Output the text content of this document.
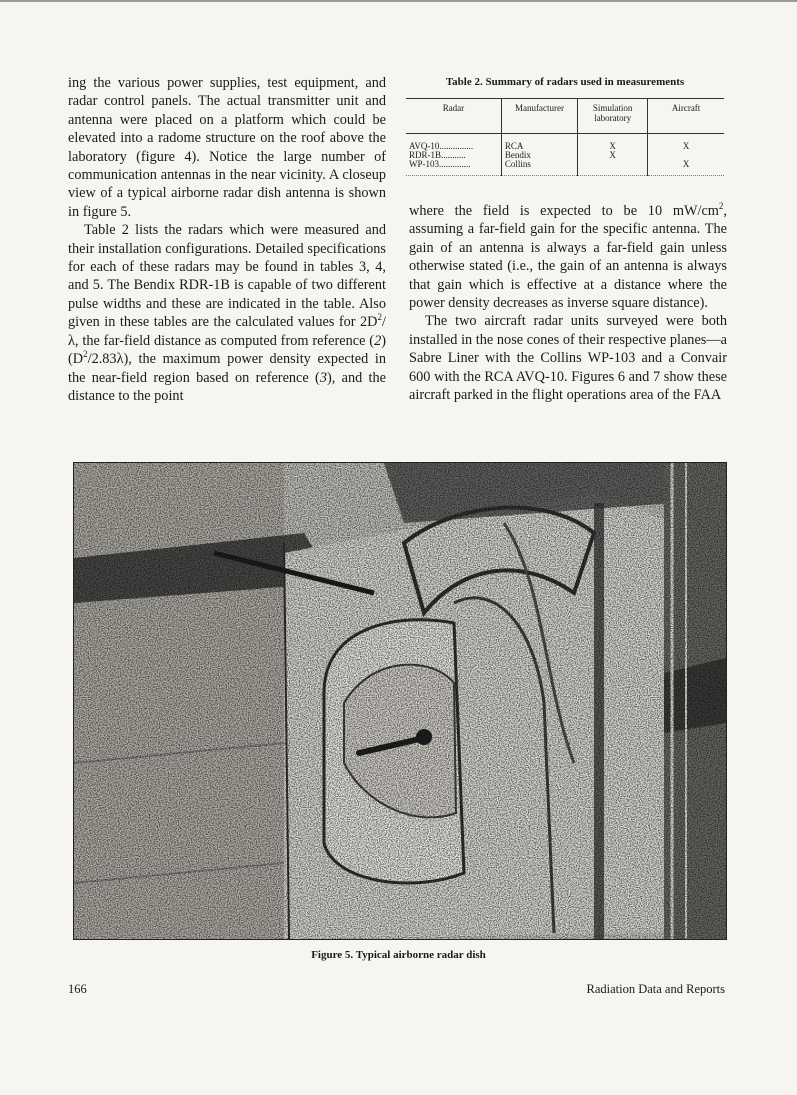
ing the various power supplies, test equipment, and radar control panels. The actual transmitter unit and antenna were placed on a platform which could be elevated into a radome structure on the roof above the laboratory (figure 4). Notice the large number of communication antennas in the near vicinity. A closeup view of a typical airborne radar dish antenna is shown in figure 5.

Table 2 lists the radars which were measured and their installation configurations. Detailed specifications for each of these radars may be found in tables 3, 4, and 5. The Bendix RDR-1B is capable of two different pulse widths and these are indicated in the table. Also given in these tables are the calculated values for $2D^2/\lambda$, the far-field distance as computed from reference (2) $(D^2/2.83\lambda)$, the maximum power density expected in the near-field region based on reference (3), and the distance to the point

Table 2. Summary of radars used in measurements
Radar	Manufacturer	Simulation laboratory	Aircraft
AVQ-10...............	RCA	X	X
RDR-1B...........	Bendix	X	
WP-103..............	Collins		X

where the field is expected to be 10 $mW/cm^2$, assuming a far-field gain for the specific antenna. The gain of an antenna is always a far-field gain unless otherwise stated (i.e., the gain of an antenna is always that gain which is effective at a distance where the power density decreases as inverse square distance).

The two aircraft radar units surveyed were both installed in the nose cones of their respective planes—a Sabre Liner with the Collins WP-103 and a Convair 600 with the RCA AVQ-10. Figures 6 and 7 show these aircraft parked in the flight operations area of the FAA

Figure 5. Typical airborne radar dish
166	Radiation Data and Reports
